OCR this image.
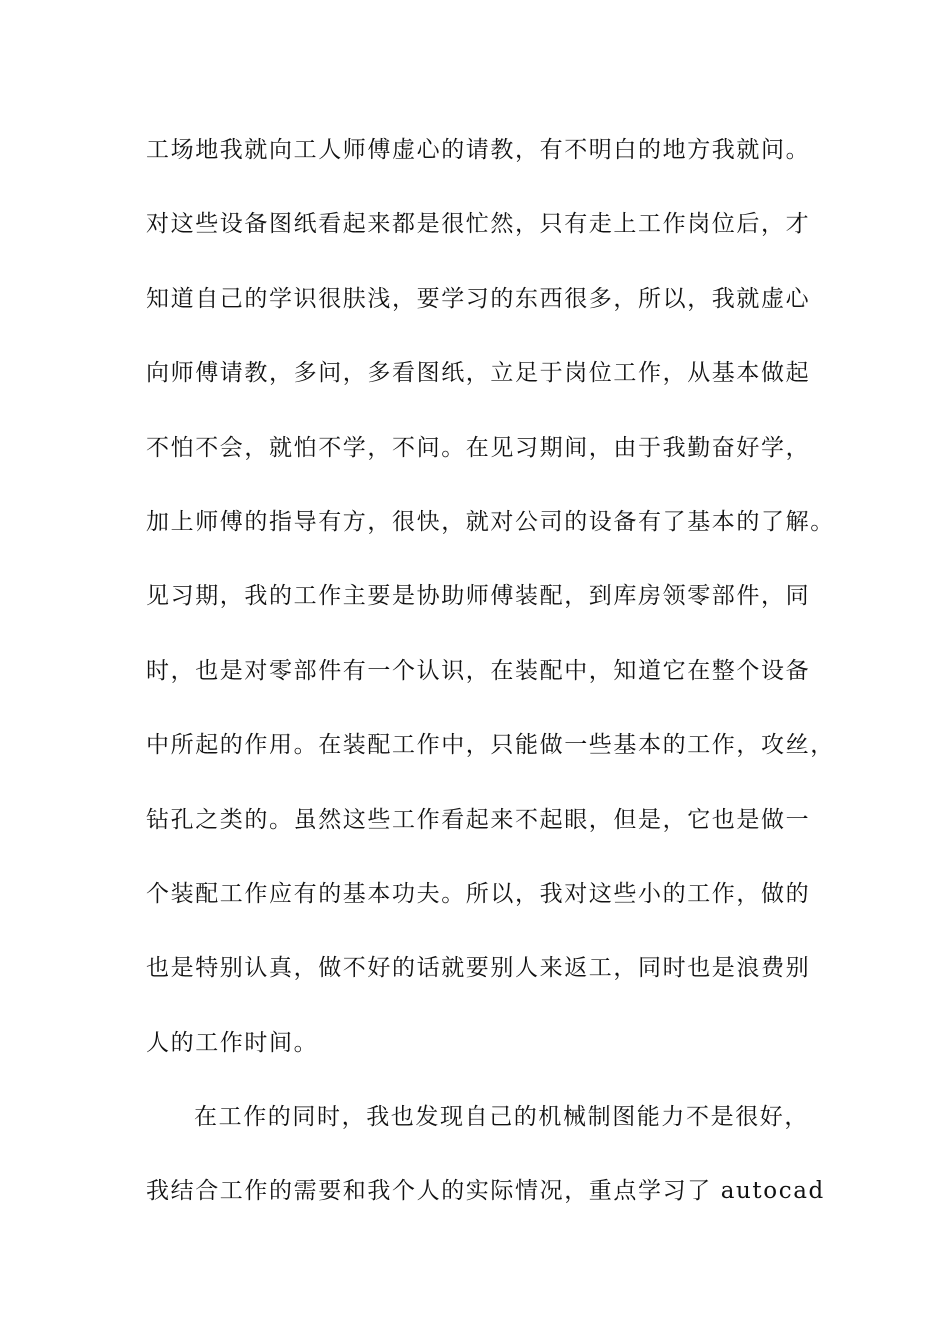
工场地我就向工人师傅虚心的请教，有不明白的地方我就问。
对这些设备图纸看起来都是很忙然，只有走上工作岗位后，才
知道自己的学识很肤浅，要学习的东西很多，所以，我就虚心
向师傅请教，多问，多看图纸，立足于岗位工作，从基本做起
不怕不会，就怕不学，不问。在见习期间，由于我勤奋好学，
加上师傅的指导有方，很快，就对公司的设备有了基本的了解。
见习期，我的工作主要是协助师傅装配，到库房领零部件，同
时，也是对零部件有一个认识，在装配中，知道它在整个设备
中所起的作用。在装配工作中，只能做一些基本的工作，攻丝，
钻孔之类的。虽然这些工作看起来不起眼，但是，它也是做一
个装配工作应有的基本功夫。所以，我对这些小的工作，做的
也是特别认真，做不好的话就要别人来返工，同时也是浪费别
人的工作时间。
在工作的同时，我也发现自己的机械制图能力不是很好，
我结合工作的需要和我个人的实际情况，重点学习了 autocad
